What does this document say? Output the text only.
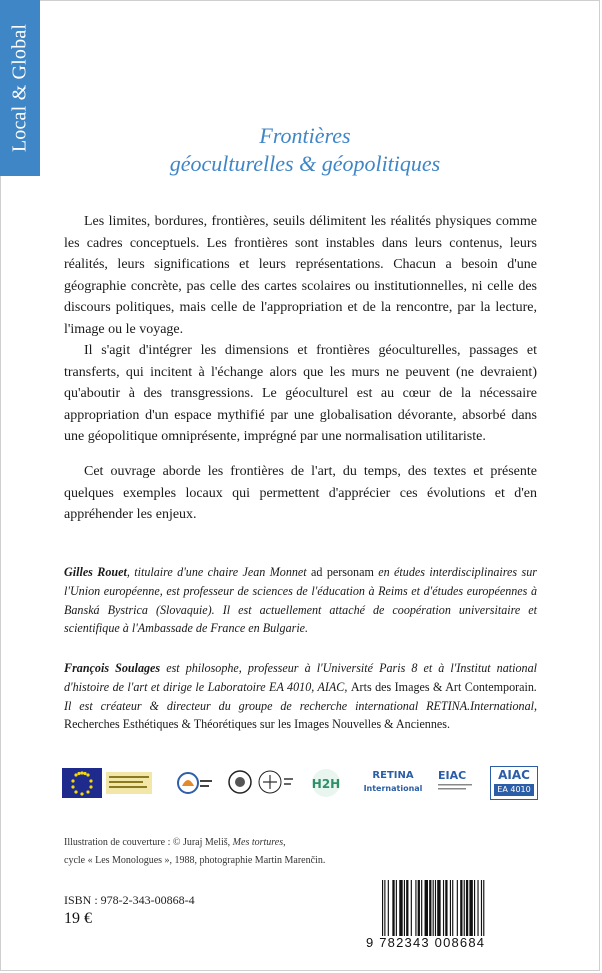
Local & Global	Frontières
géoculturelles & géopolitiques

Les limites, bordures, frontières, seuils délimitent les réalités physiques comme les cadres conceptuels. Les frontières sont instables dans leurs contenus, leurs réalités, leurs significations et leurs représentations. Chacun a besoin d'une géographie concrète, pas celle des cartes scolaires ou institutionnelles, ni celle des discours politiques, mais celle de l'appropriation et de la rencontre, par la lecture, l'image ou le voyage.

Il s'agit d'intégrer les dimensions et frontières géoculturelles, passages et transferts, qui incitent à l'échange alors que les murs ne peuvent (ne devraient) qu'aboutir à des transgressions. Le géoculturel est au cœur de la nécessaire appropriation d'un espace mythifié par une globalisation dévorante, absorbé dans une géopolitique omniprésente, imprégné par une normalisation utilitariste.

Cet ouvrage aborde les frontières de l'art, du temps, des textes et présente quelques exemples locaux qui permettent d'apprécier ces évolutions et d'en appréhender les enjeux.

Gilles Rouet, titulaire d'une chaire Jean Monnet ad personam en études interdisciplinaires sur l'Union européenne, est professeur de sciences de l'éducation à Reims et d'études européennes à Banská Bystrica (Slovaquie). Il est actuellement attaché de coopération universitaire et scientifique à l'Ambassade de France en Bulgarie.

François Soulages est philosophe, professeur à l'Université Paris 8 et à l'Institut national d'histoire de l'art et dirige le Laboratoire EA 4010, AIAC, Arts des Images & Art Contemporain. Il est créateur & directeur du groupe de recherche international RETINA.International, Recherches Esthétiques & Théorétiques sur les Images Nouvelles & Anciennes.

H2H
RETINA
International
EIAC	AIAC
EA 4010
Illustration de couverture : © Juraj Meliš, Mes tortures,
cycle « Les Monologues », 1988, photographie Martin Marenčin.
ISBN : 978-2-343-00868-4
19 €
9 782343 008684
